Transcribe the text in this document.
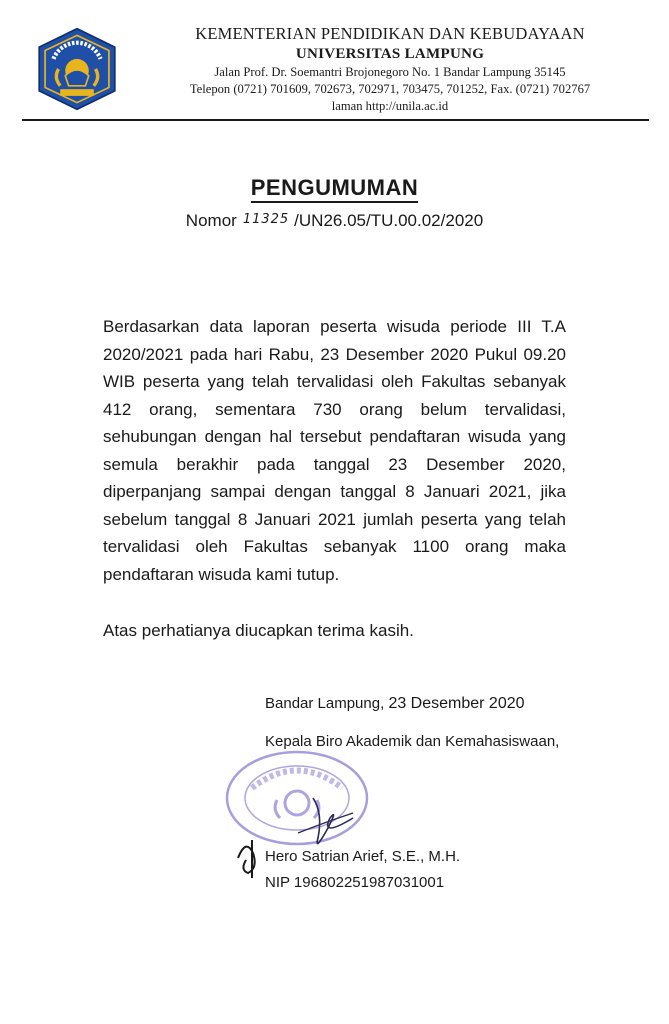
KEMENTERIAN PENDIDIKAN DAN KEBUDAYAAN
UNIVERSITAS LAMPUNG
Jalan Prof. Dr. Soemantri Brojonegoro No. 1 Bandar Lampung 35145
Telepon (0721) 701609, 702673, 702971, 703475, 701252, Fax. (0721) 702767
laman http://unila.ac.id
PENGUMUMAN
Nomor 11325 /UN26.05/TU.00.02/2020
Berdasarkan data laporan peserta wisuda periode III T.A 2020/2021 pada hari Rabu, 23 Desember 2020 Pukul 09.20 WIB peserta yang telah tervalidasi oleh Fakultas sebanyak 412 orang, sementara 730 orang belum tervalidasi, sehubungan dengan hal tersebut pendaftaran wisuda yang semula berakhir pada tanggal 23 Desember 2020, diperpanjang sampai dengan tanggal 8 Januari 2021, jika sebelum tanggal 8 Januari 2021 jumlah peserta yang telah tervalidasi oleh Fakultas sebanyak 1100 orang maka pendaftaran wisuda kami tutup.
Atas perhatianya diucapkan terima kasih.
Bandar Lampung, 23 Desember 2020
Kepala Biro Akademik dan Kemahasiswaan,
Hero Satrian Arief, S.E., M.H.
NIP 196802251987031001
